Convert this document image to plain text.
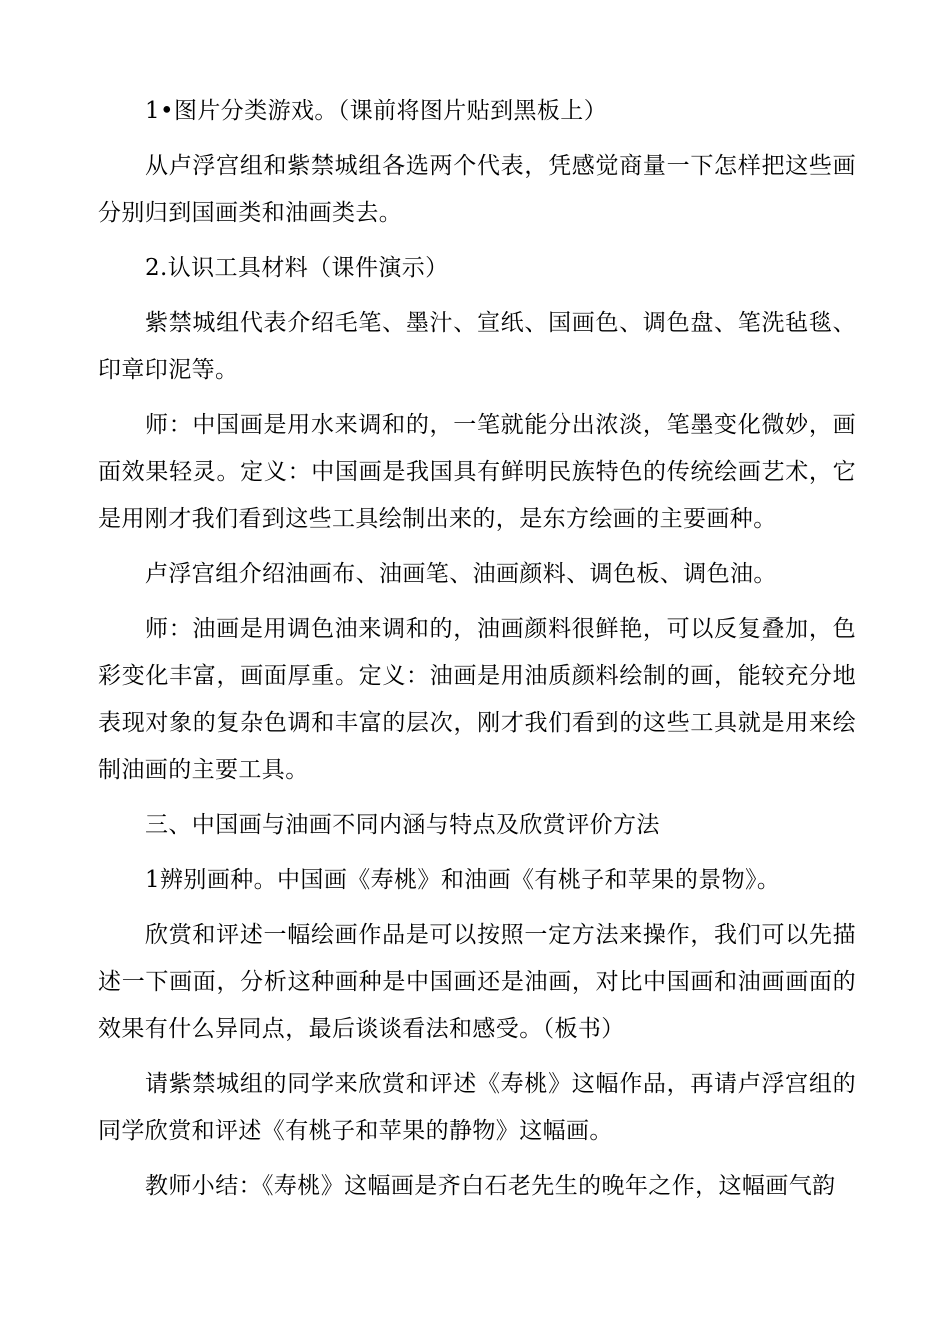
1•图片分类游戏。（课前将图片贴到黑板上）

从卢浮宫组和紫禁城组各选两个代表，凭感觉商量一下怎样把这些画分别归到国画类和油画类去。

2.认识工具材料（课件演示）

紫禁城组代表介绍毛笔、墨汁、宣纸、国画色、调色盘、笔洗毡毯、印章印泥等。

师：中国画是用水来调和的，一笔就能分出浓淡，笔墨变化微妙，画面效果轻灵。定义：中国画是我国具有鲜明民族特色的传统绘画艺术，它是用刚才我们看到这些工具绘制出来的，是东方绘画的主要画种。

卢浮宫组介绍油画布、油画笔、油画颜料、调色板、调色油。

师：油画是用调色油来调和的，油画颜料很鲜艳，可以反复叠加，色彩变化丰富，画面厚重。定义：油画是用油质颜料绘制的画，能较充分地表现对象的复杂色调和丰富的层次，刚才我们看到的这些工具就是用来绘制油画的主要工具。

三、中国画与油画不同内涵与特点及欣赏评价方法

1辨别画种。中国画《寿桃》和油画《有桃子和苹果的景物》。

欣赏和评述一幅绘画作品是可以按照一定方法来操作，我们可以先描述一下画面，分析这种画种是中国画还是油画，对比中国画和油画画面的效果有什么异同点，最后谈谈看法和感受。（板书）

请紫禁城组的同学来欣赏和评述《寿桃》这幅作品，再请卢浮宫组的同学欣赏和评述《有桃子和苹果的静物》这幅画。

教师小结：《寿桃》这幅画是齐白石老先生的晚年之作，这幅画气韵
